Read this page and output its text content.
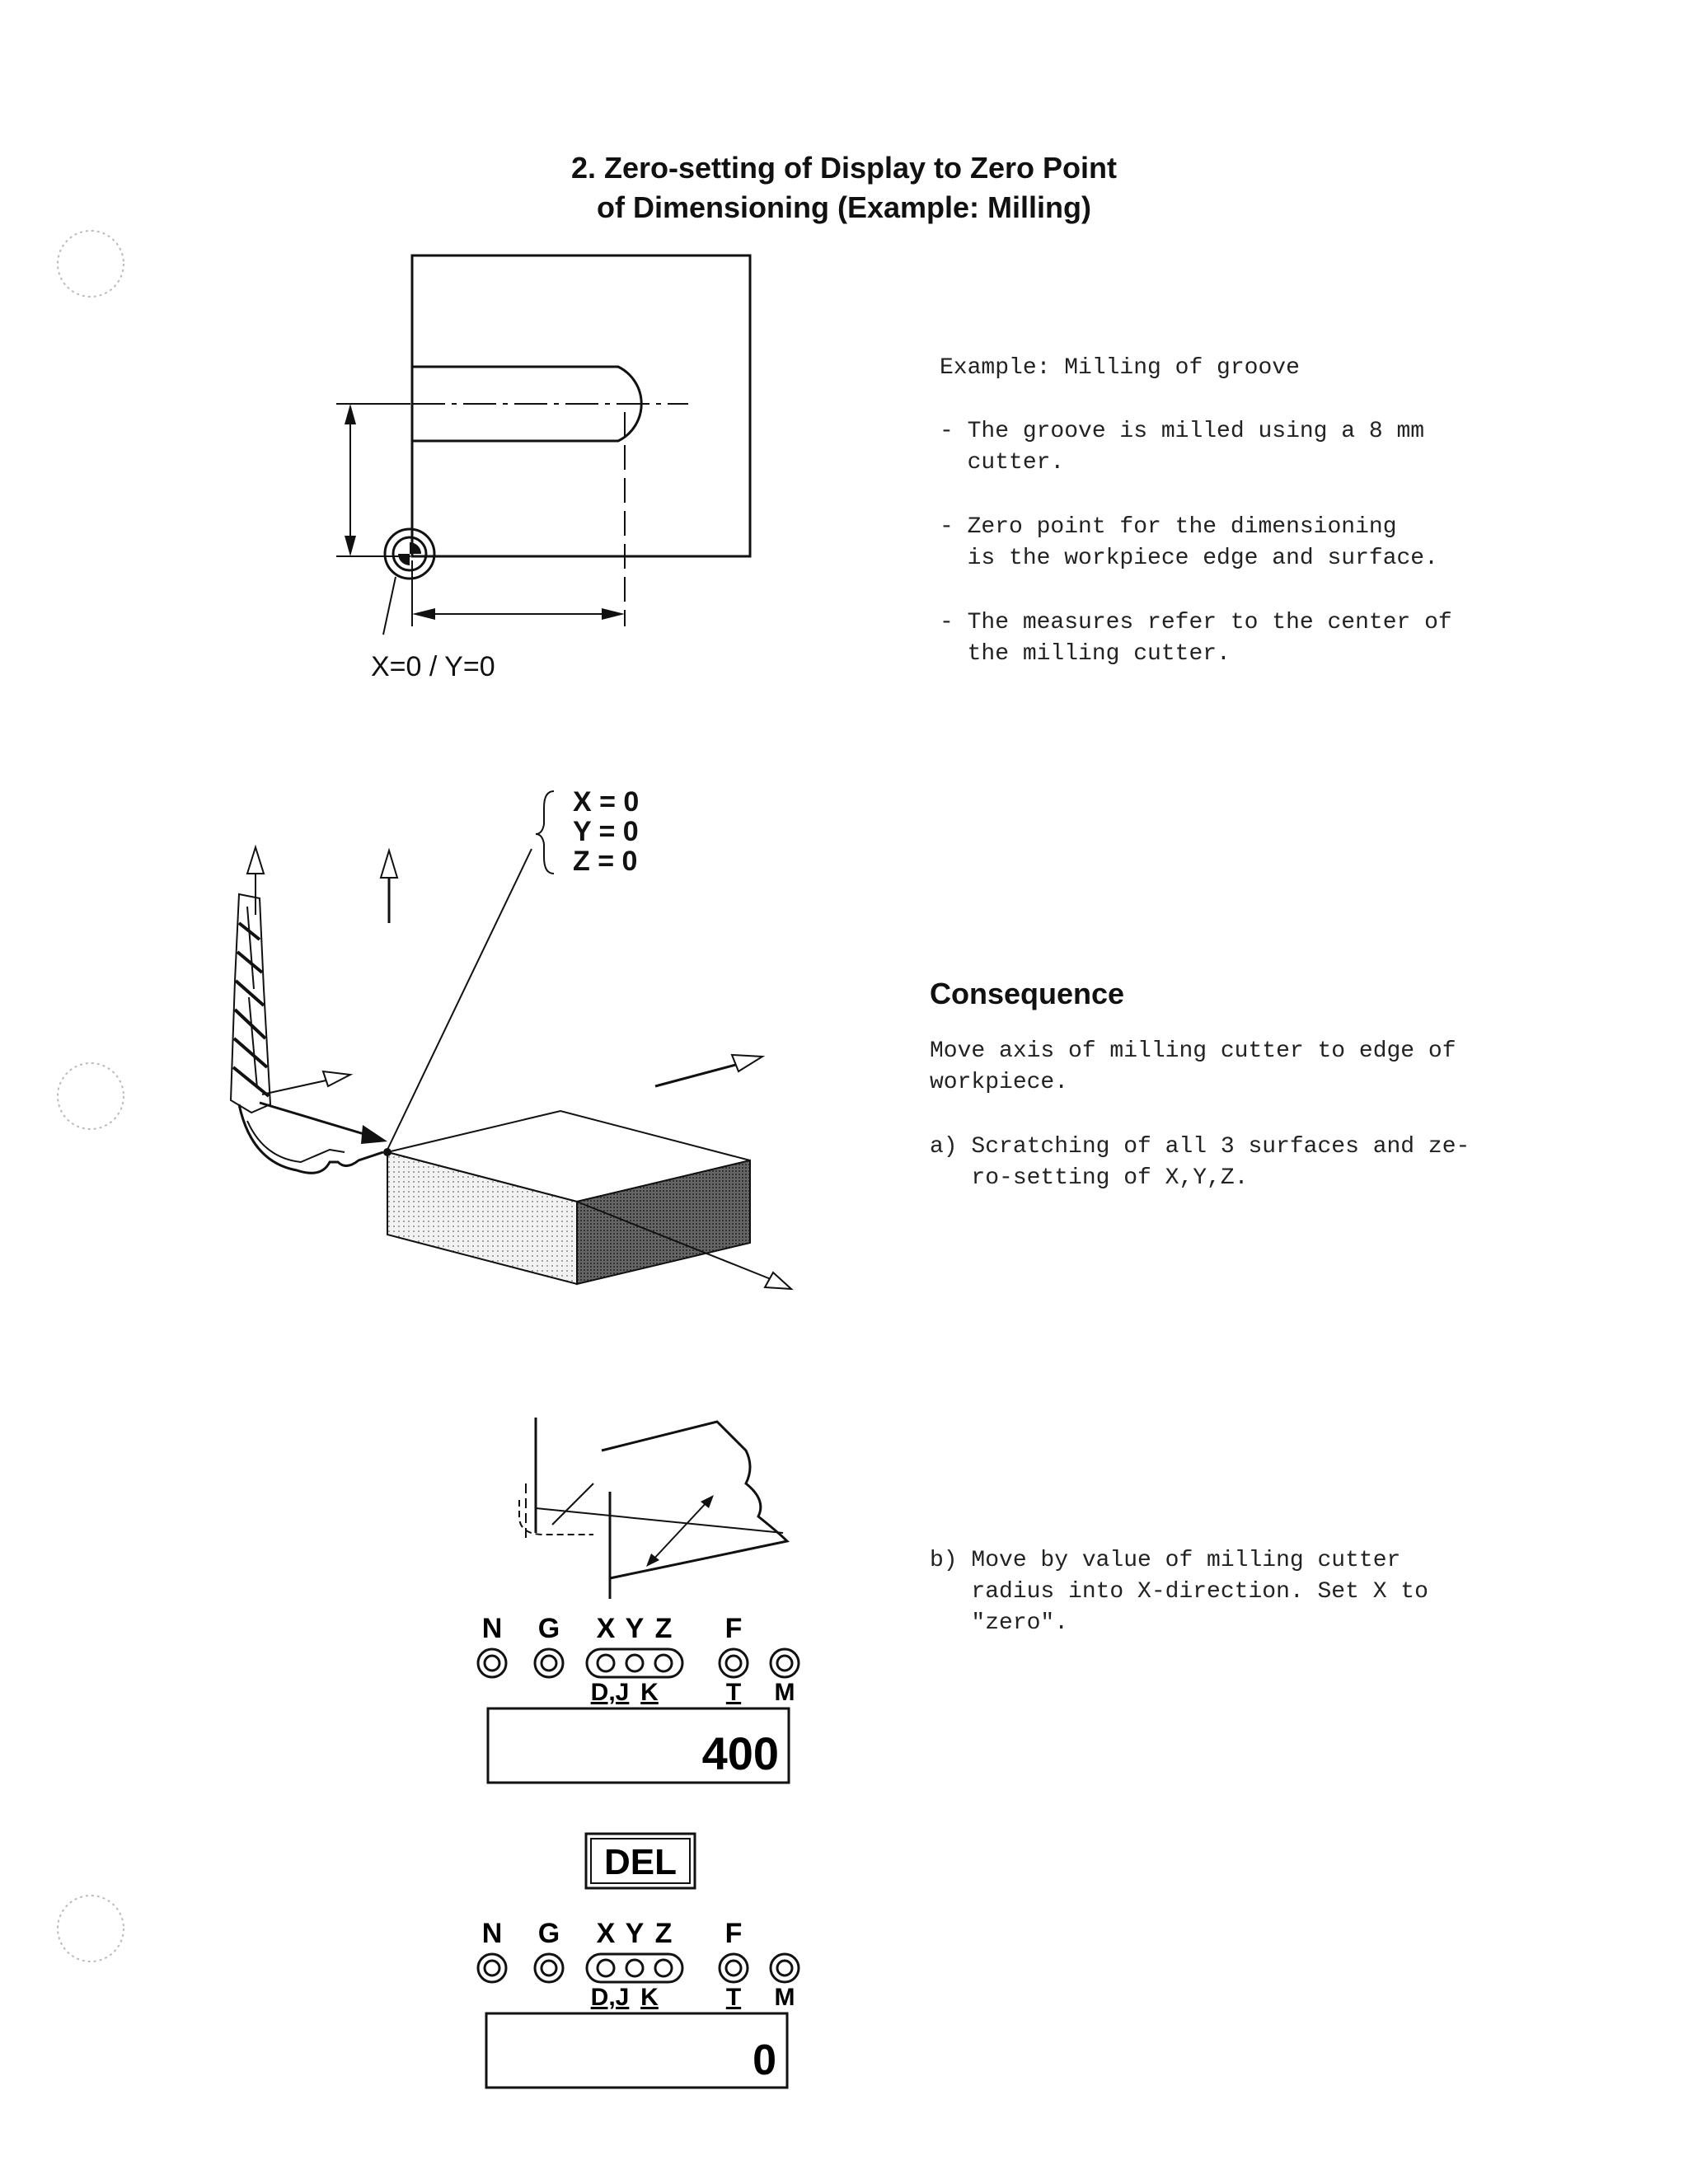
2. Zero-setting of Display to Zero Point
of Dimensioning (Example: Milling)
X=0 / Y=0
Example: Milling of groove
- The groove is milled using a 8 mm
cutter.
- Zero point for the dimensioning
is the workpiece edge and surface.
- The measures refer to the center of
the milling cutter.
X = 0
Y = 0
Z = 0
Consequence
Move axis of milling cutter to edge of
workpiece.
a) Scratching of all 3 surfaces and ze-
ro-setting of X,Y,Z.
b) Move by value of milling cutter
radius into X-direction. Set X to
"zero".
N G X Y Z F
D,J K	T M
400
DEL
N G X Y Z F
D,J K	T M
0
